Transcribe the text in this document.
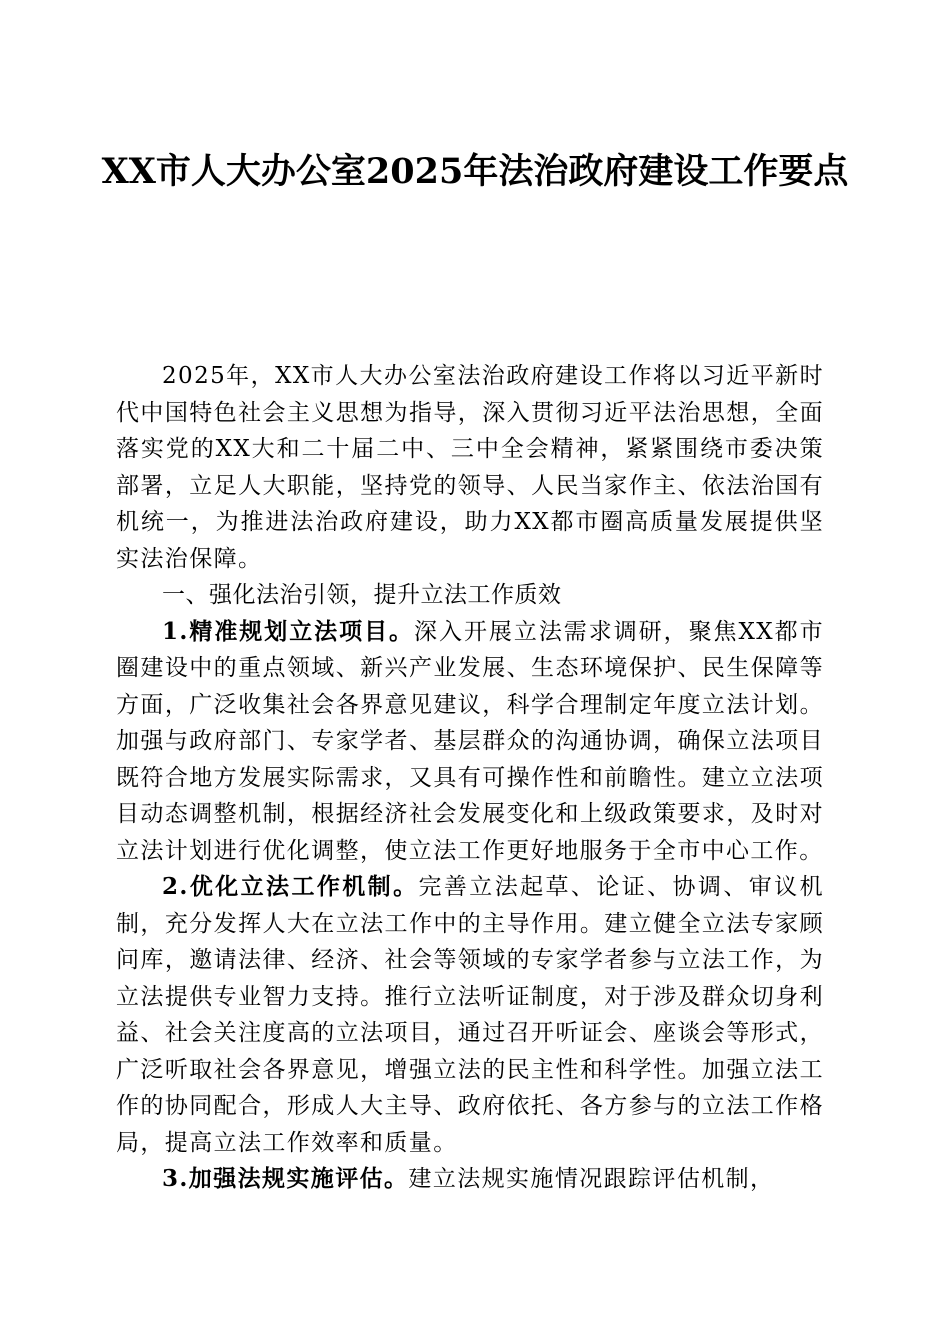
XX市人大办公室2025年法治政府建设工作要点

2025年，XX市人大办公室法治政府建设工作将以习近平新时代中国特色社会主义思想为指导，深入贯彻习近平法治思想，全面落实党的XX大和二十届二中、三中全会精神，紧紧围绕市委决策部署，立足人大职能，坚持党的领导、人民当家作主、依法治国有机统一，为推进法治政府建设，助力XX都市圈高质量发展提供坚实法治保障。

一、强化法治引领，提升立法工作质效

1.精准规划立法项目。深入开展立法需求调研，聚焦XX都市圈建设中的重点领域、新兴产业发展、生态环境保护、民生保障等方面，广泛收集社会各界意见建议，科学合理制定年度立法计划。加强与政府部门、专家学者、基层群众的沟通协调，确保立法项目既符合地方发展实际需求，又具有可操作性和前瞻性。建立立法项目动态调整机制，根据经济社会发展变化和上级政策要求，及时对立法计划进行优化调整，使立法工作更好地服务于全市中心工作。

2.优化立法工作机制。完善立法起草、论证、协调、审议机制，充分发挥人大在立法工作中的主导作用。建立健全立法专家顾问库，邀请法律、经济、社会等领域的专家学者参与立法工作，为立法提供专业智力支持。推行立法听证制度，对于涉及群众切身利益、社会关注度高的立法项目，通过召开听证会、座谈会等形式，广泛听取社会各界意见，增强立法的民主性和科学性。加强立法工作的协同配合，形成人大主导、政府依托、各方参与的立法工作格局，提高立法工作效率和质量。

3.加强法规实施评估。建立法规实施情况跟踪评估机制，
